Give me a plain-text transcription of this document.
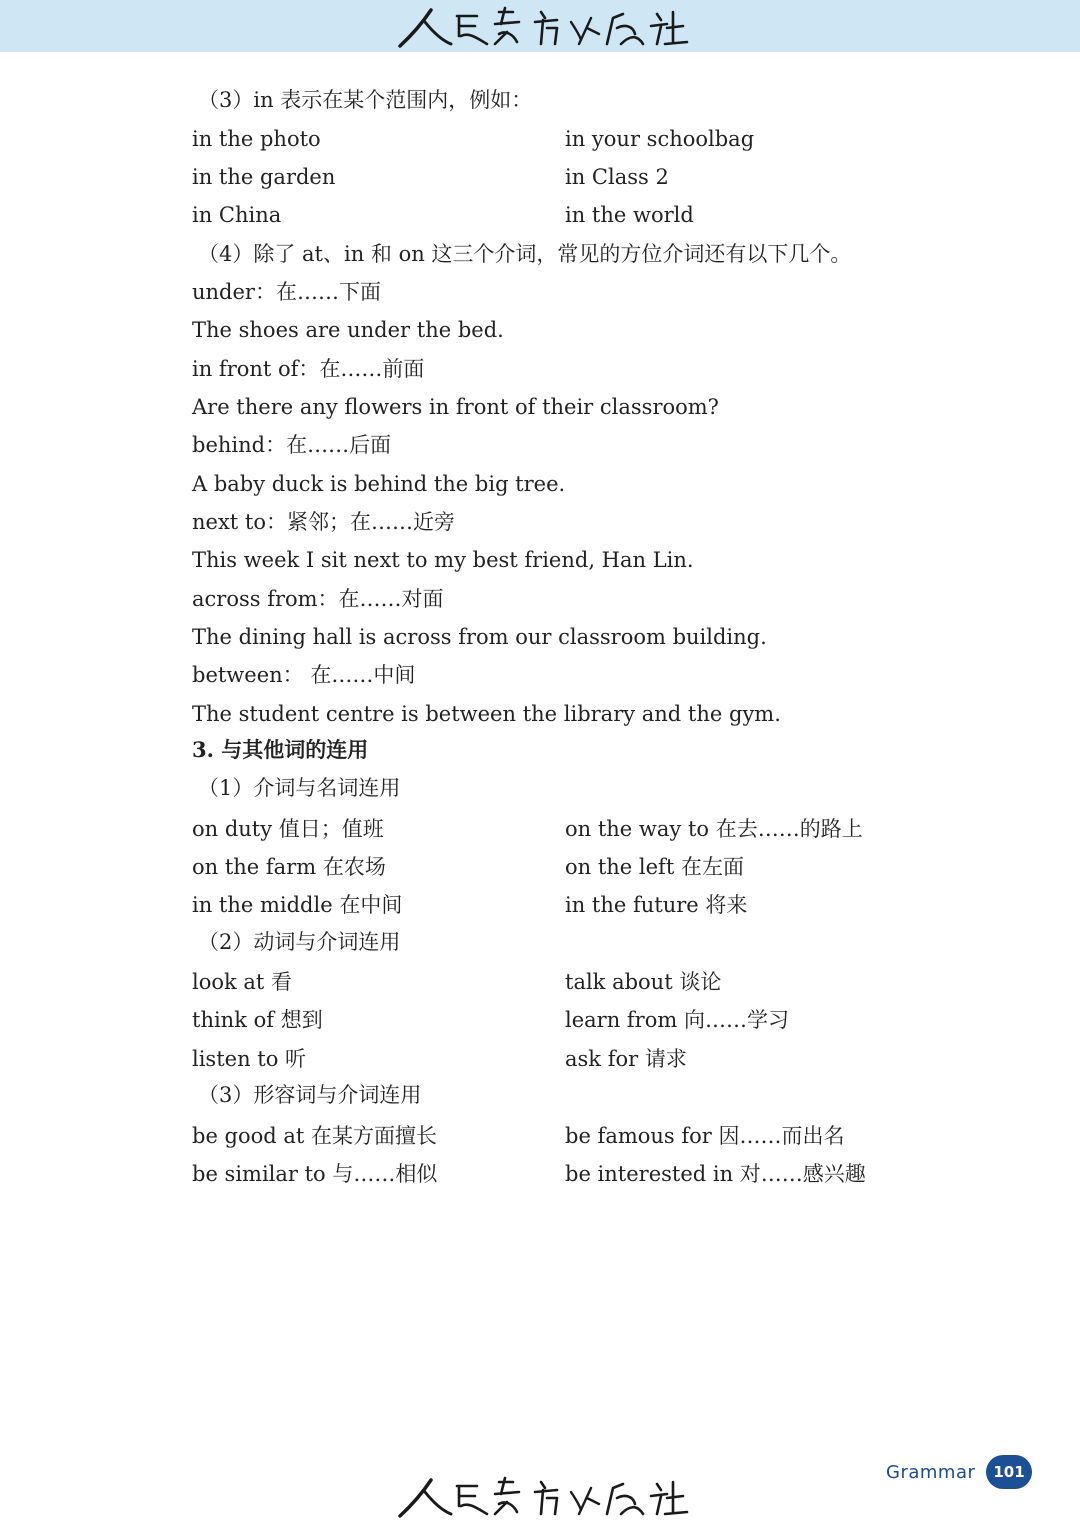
（3）in 表示在某个范围内，例如：
in the photo	in your schoolbag
in the garden	in Class 2
in China	in the world
（4）除了 at、in 和 on 这三个介词，常见的方位介词还有以下几个。
under：在……下面
The shoes are under the bed.
in front of：在……前面
Are there any flowers in front of their classroom?
behind：在……后面
A baby duck is behind the big tree.
next to：紧邻；在……近旁
This week I sit next to my best friend, Han Lin.
across from：在……对面
The dining hall is across from our classroom building.
between： 在……中间
The student centre is between the library and the gym.
3. 与其他词的连用
（1）介词与名词连用
on duty 值日；值班	on the way to 在去……的路上
on the farm 在农场	on the left 在左面
in the middle 在中间	in the future 将来
（2）动词与介词连用
look at 看	talk about 谈论
think of 想到	learn from 向……学习
listen to 听	ask for 请求
（3）形容词与介词连用
be good at 在某方面擅长	be famous for 因……而出名
be similar to 与……相似	be interested in 对……感兴趣
Grammar	101
